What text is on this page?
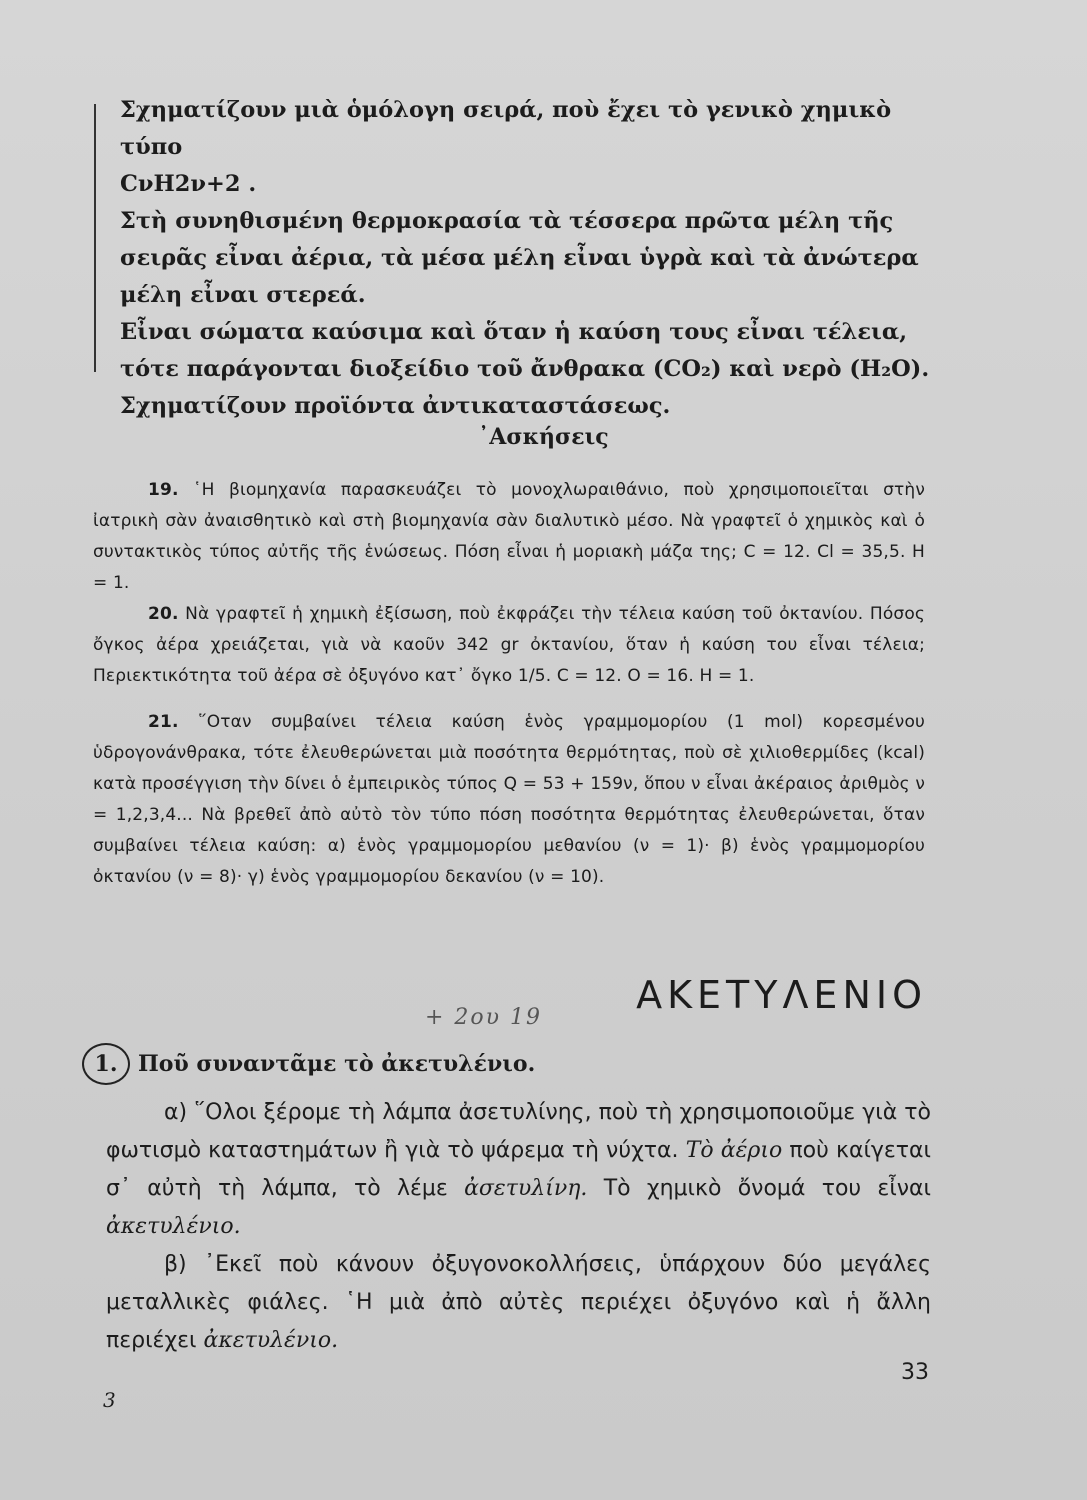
Σχηματίζουν μιὰ ὁμόλογη σειρά, ποὺ ἔχει τὸ γενικὸ χημικὸ τύπο

CνH2ν+2 .

Στὴ συνηθισμένη θερμοκρασία τὰ τέσσερα πρῶτα μέλη τῆς σειρᾶς εἶναι ἀέρια, τὰ μέσα μέλη εἶναι ὑγρὰ καὶ τὰ ἀνώτερα μέλη εἶναι στερεά.

Εἶναι σώματα καύσιμα καὶ ὅταν ἡ καύση τους εἶναι τέλεια, τότε παράγονται διοξείδιο τοῦ ἄνθρακα (CO₂) καὶ νερὸ (H₂O). Σχηματίζουν προϊόντα ἀντικαταστάσεως.

᾿Ασκήσεις

19. ῾Η βιομηχανία παρασκευάζει τὸ μονοχλωραιθάνιο, ποὺ χρησιμοποιεῖται στὴν ἰατρικὴ σὰν ἀναισθητικὸ καὶ στὴ βιομηχανία σὰν διαλυτικὸ μέσο. Νὰ γραφτεῖ ὁ χημικὸς καὶ ὁ συντακτικὸς τύπος αὐτῆς τῆς ἑνώσεως. Πόση εἶναι ἡ μοριακὴ μάζα της; C = 12. Cl = 35,5. H = 1.

20. Νὰ γραφτεῖ ἡ χημικὴ ἐξίσωση, ποὺ ἐκφράζει τὴν τέλεια καύση τοῦ ὀκτανίου. Πόσος ὄγκος ἀέρα χρειάζεται, γιὰ νὰ καοῦν 342 gr ὀκτανίου, ὅταν ἡ καύση του εἶναι τέλεια; Περιεκτικότητα τοῦ ἀέρα σὲ ὀξυγόνο κατ᾿ ὄγκο 1/5. C = 12. O = 16. H = 1.

21. ῞Οταν συμβαίνει τέλεια καύση ἑνὸς γραμμομορίου (1 mol) κορεσμένου ὑδρογονάνθρακα, τότε ἐλευθερώνεται μιὰ ποσότητα θερμότητας, ποὺ σὲ χιλιοθερμίδες (kcal) κατὰ προσέγγιση τὴν δίνει ὁ ἐμπειρικὸς τύπος Q = 53 + 159ν, ὅπου ν εἶναι ἀκέραιος ἀριθμὸς ν = 1,2,3,4... Νὰ βρεθεῖ ἀπὸ αὐτὸ τὸν τύπο πόση ποσότητα θερμότητας ἐλευθερώνεται, ὅταν συμβαίνει τέλεια καύση: α) ἑνὸς γραμμομορίου μεθανίου (ν = 1)· β) ἑνὸς γραμμομορίου ὀκτανίου (ν = 8)· γ) ἑνὸς γραμμομορίου δεκανίου (ν = 10).

+ 2ου 19
ΑΚΕΤΥΛΕΝΙΟ
1. Ποῦ συναντᾶμε τὸ ἀκετυλένιο.

α) ῞Ολοι ξέρομε τὴ λάμπα ἀσετυλίνης, ποὺ τὴ χρησιμοποιοῦμε γιὰ τὸ φωτισμὸ καταστημάτων ἢ γιὰ τὸ ψάρεμα τὴ νύχτα. Τὸ ἀέριο ποὺ καίγεται σ᾿ αὐτὴ τὴ λάμπα, τὸ λέμε ἀσετυλίνη. Τὸ χημικὸ ὄνομά του εἶναι ἀκετυλένιο.

β) ᾿Εκεῖ ποὺ κάνουν ὀξυγονοκολλήσεις, ὑπάρχουν δύο μεγάλες μεταλλικὲς φιάλες. ῾Η μιὰ ἀπὸ αὐτὲς περιέχει ὀξυγόνο καὶ ἡ ἄλλη περιέχει ἀκετυλένιο.

33
3
